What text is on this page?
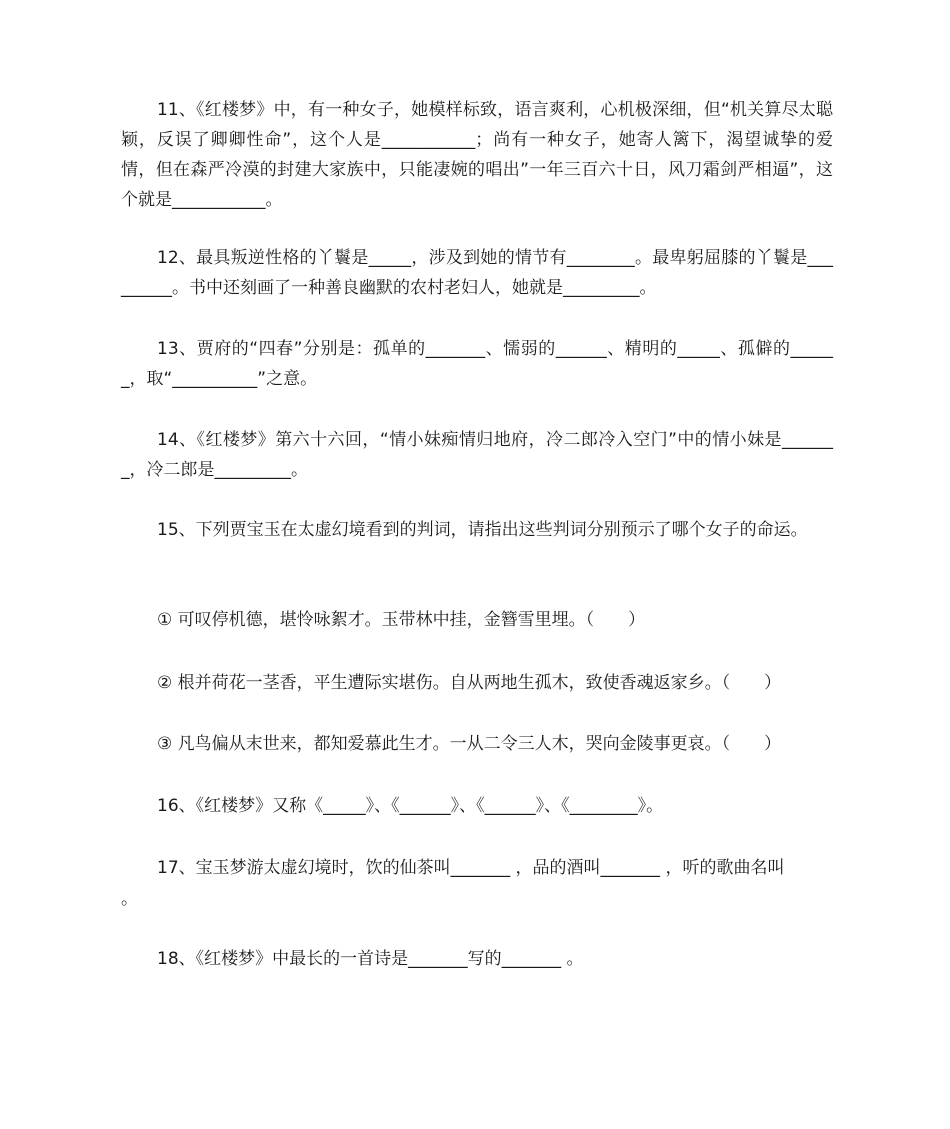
11、《红楼梦》中，有一种女子，她模样标致，语言爽利，心机极深细，但“机关算尽太聪颖，反误了卿卿性命”，这个人是___________；尚有一种女子，她寄人篱下，渴望诚挚的爱情，但在森严冷漠的封建大家族中，只能凄婉的唱出”一年三百六十日，风刀霜剑严相逼”，这个就是___________。

12、最具叛逆性格的丫鬟是_____，涉及到她的情节有________。最卑躬屈膝的丫鬟是_________。书中还刻画了一种善良幽默的农村老妇人，她就是_________。

13、贾府的“四春”分别是：孤单的_______、懦弱的______、精明的_____、孤僻的______，取“__________”之意。

14、《红楼梦》第六十六回，“情小妹痴情归地府，冷二郎冷入空门”中的情小妹是_______，冷二郎是_________。

15、下列贾宝玉在太虚幻境看到的判词，请指出这些判词分别预示了哪个女子的命运。

① 可叹停机德，堪怜咏絮才。玉带林中挂，金簪雪里埋。（　　）

② 根并荷花一茎香，平生遭际实堪伤。自从两地生孤木，致使香魂返家乡。（　　）

③ 凡鸟偏从末世来，都知爱慕此生才。一从二令三人木，哭向金陵事更哀。（　　）

16、《红楼梦》又称《_____》、《______》、《______》、《________》。

17、宝玉梦游太虚幻境时，饮的仙茶叫_______ ，品的酒叫_______ ，听的歌曲名叫

。

18、《红楼梦》中最长的一首诗是_______写的_______ 。
